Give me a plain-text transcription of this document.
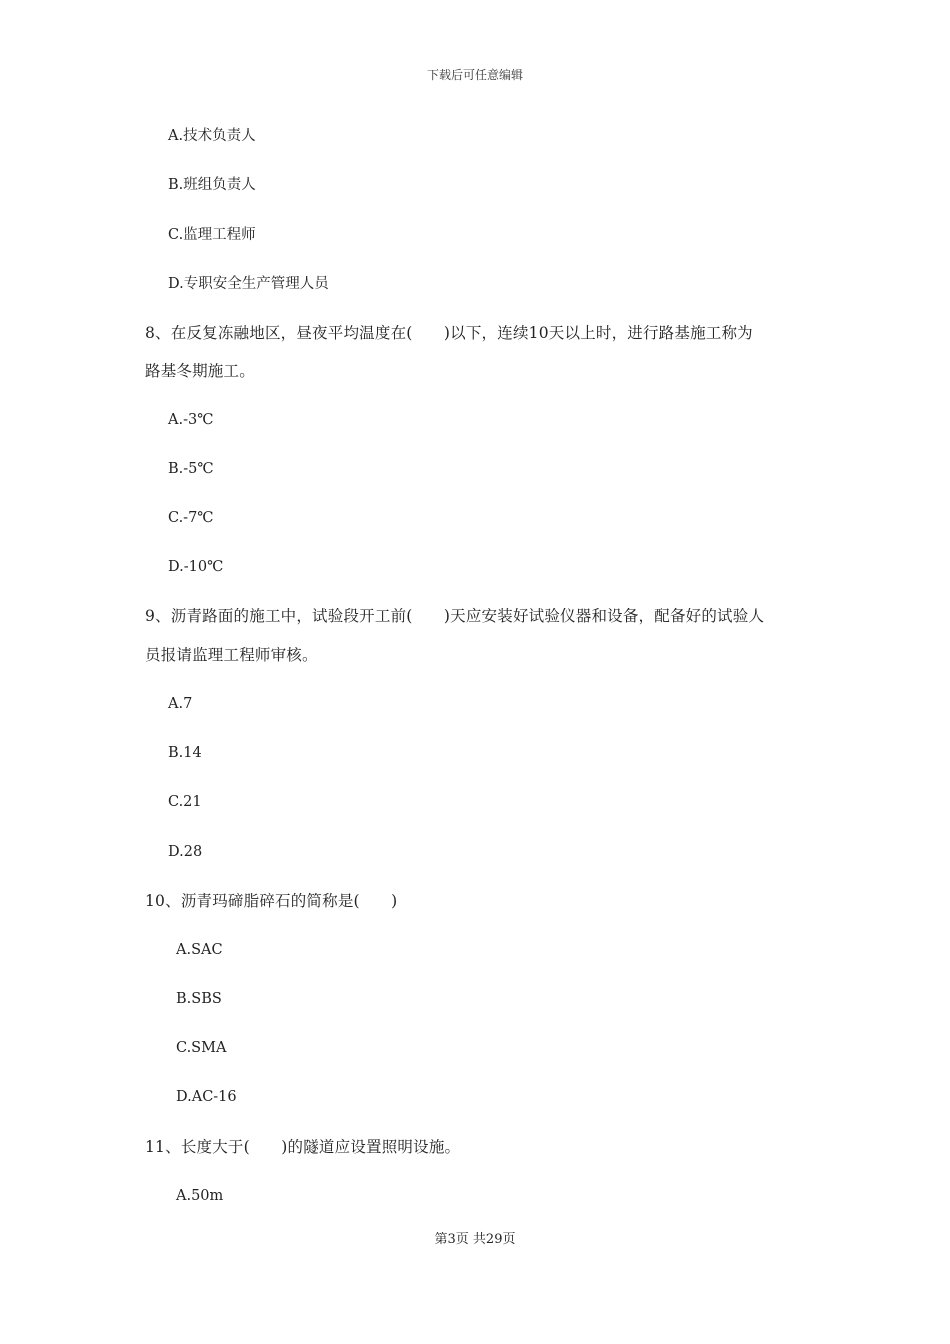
下载后可任意编辑
A.技术负责人
B.班组负责人
C.监理工程师
D.专职安全生产管理人员
8、在反复冻融地区，昼夜平均温度在(　　)以下，连续10天以上时，进行路基施工称为
路基冬期施工。
A.-3℃
B.-5℃
C.-7℃
D.-10℃
9、沥青路面的施工中，试验段开工前(　　)天应安装好试验仪器和设备，配备好的试验人
员报请监理工程师审核。
A.7
B.14
C.21
D.28
10、沥青玛碲脂碎石的简称是(　　)
A.SAC
B.SBS
C.SMA
D.AC-16
11、长度大于(　　)的隧道应设置照明设施。
A.50m
第3页 共29页
